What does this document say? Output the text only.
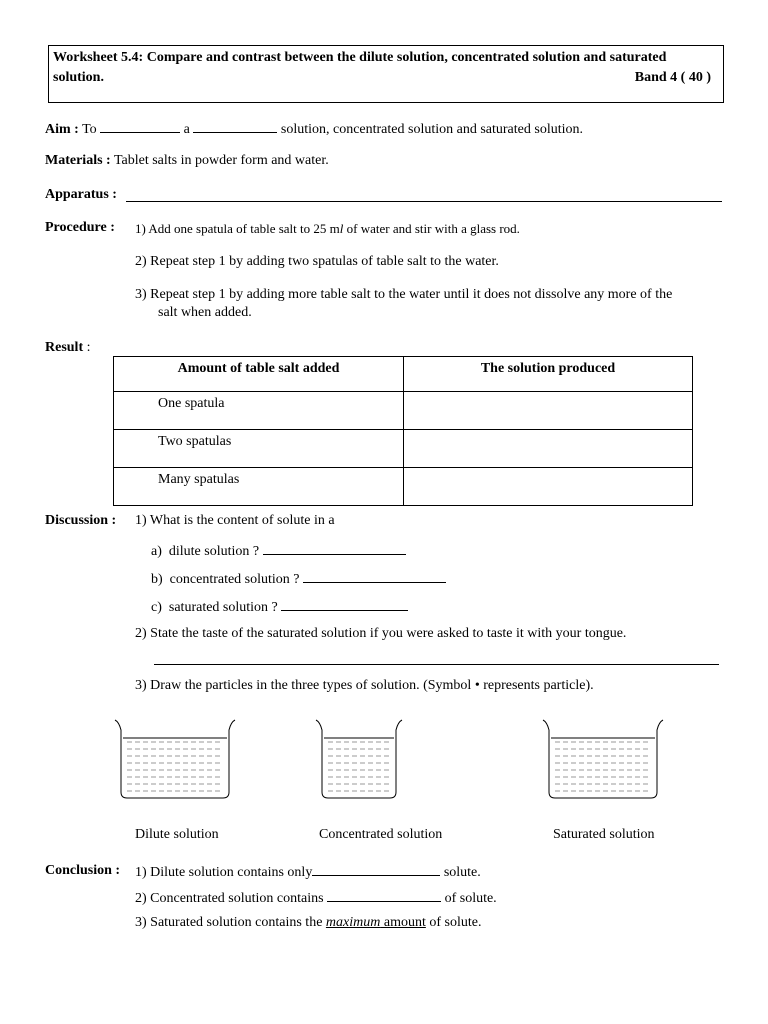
Worksheet 5.4: Compare and contrast between the dilute solution, concentrated solution and saturated
solution.	Band 4 ( 40 )
Aim : To	a	solution, concentrated solution and saturated solution.
Materials : Tablet salts in powder form and water.
Apparatus :
Procedure : 1) Add one spatula of table salt to 25 ml of water and stir with a glass rod.
2) Repeat step 1 by adding two spatulas of table salt to the water.
3) Repeat step 1 by adding more table salt to the water until it does not dissolve any more of the
salt when added.
Result :
Amount of table salt added	The solution produced
One spatula	
Two spatulas	
Many spatulas	
Discussion : 1) What is the content of solute in a
a) dilute solution ?
b) concentrated solution ?
c) saturated solution ?
2) State the taste of the saturated solution if you were asked to taste it with your tongue.
3) Draw the particles in the three types of solution. (Symbol • represents particle).
Dilute solution	Concentrated solution	Saturated solution
Conclusion : 1) Dilute solution contains only	solute.
2) Concentrated solution contains	of solute.
3) Saturated solution contains the maximum amount of solute.
